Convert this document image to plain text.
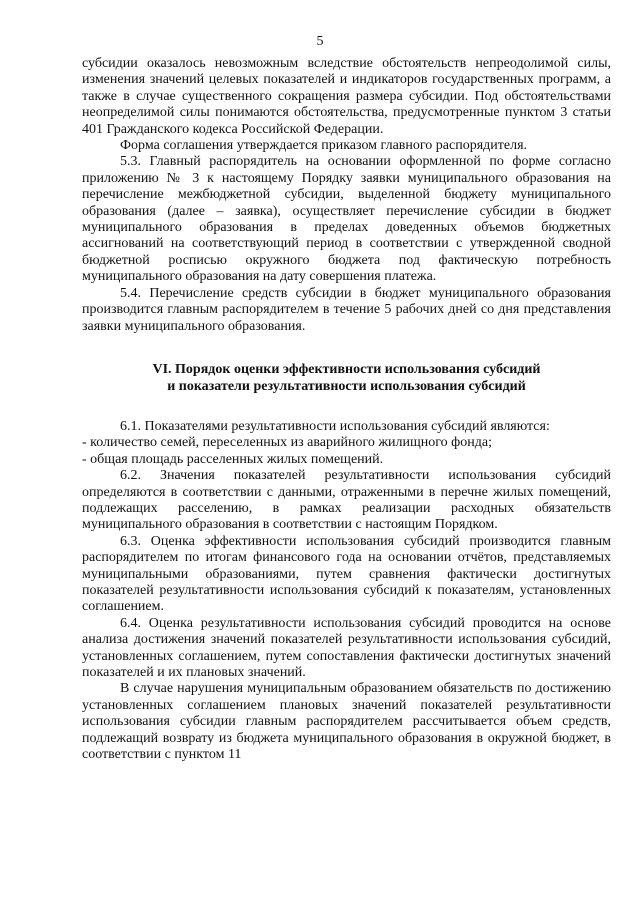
5

субсидии оказалось невозможным вследствие обстоятельств непреодолимой силы, изменения значений целевых показателей и индикаторов государственных программ, а также в случае существенного сокращения размера субсидии. Под обстоятельствами неопределимой силы понимаются обстоятельства, предусмотренные пунктом 3 статьи 401 Гражданского кодекса Российской Федерации.

Форма соглашения утверждается приказом главного распорядителя.

5.3. Главный распорядитель на основании оформленной по форме согласно приложению № 3 к настоящему Порядку заявки муниципального образования на перечисление межбюджетной субсидии, выделенной бюджету муниципального образования (далее – заявка), осуществляет перечисление субсидии в бюджет муниципального образования в пределах доведенных объемов бюджетных ассигнований на соответствующий период в соответствии с утвержденной сводной бюджетной росписью окружного бюджета под фактическую потребность муниципального образования на дату совершения платежа.

5.4. Перечисление средств субсидии в бюджет муниципального образования производится главным распорядителем в течение 5 рабочих дней со дня представления заявки муниципального образования.

VI. Порядок оценки эффективности использования субсидий
и показатели результативности использования субсидий

6.1. Показателями результативности использования субсидий являются:

- количество семей, переселенных из аварийного жилищного фонда;

- общая площадь расселенных жилых помещений.

6.2. Значения показателей результативности использования субсидий определяются в соответствии с данными, отраженными в перечне жилых помещений, подлежащих расселению, в рамках реализации расходных обязательств муниципального образования в соответствии с настоящим Порядком.

6.3. Оценка эффективности использования субсидий производится главным распорядителем по итогам финансового года на основании отчётов, представляемых муниципальными образованиями, путем сравнения фактически достигнутых показателей результативности использования субсидий к показателям, установленных соглашением.

6.4. Оценка результативности использования субсидий проводится на основе анализа достижения значений показателей результативности использования субсидий, установленных соглашением, путем сопоставления фактически достигнутых значений показателей и их плановых значений.

В случае нарушения муниципальным образованием обязательств по достижению установленных соглашением плановых значений показателей результативности использования субсидии главным распорядителем рассчитывается объем средств, подлежащий возврату из бюджета муниципального образования в окружной бюджет, в соответствии с пунктом 11
